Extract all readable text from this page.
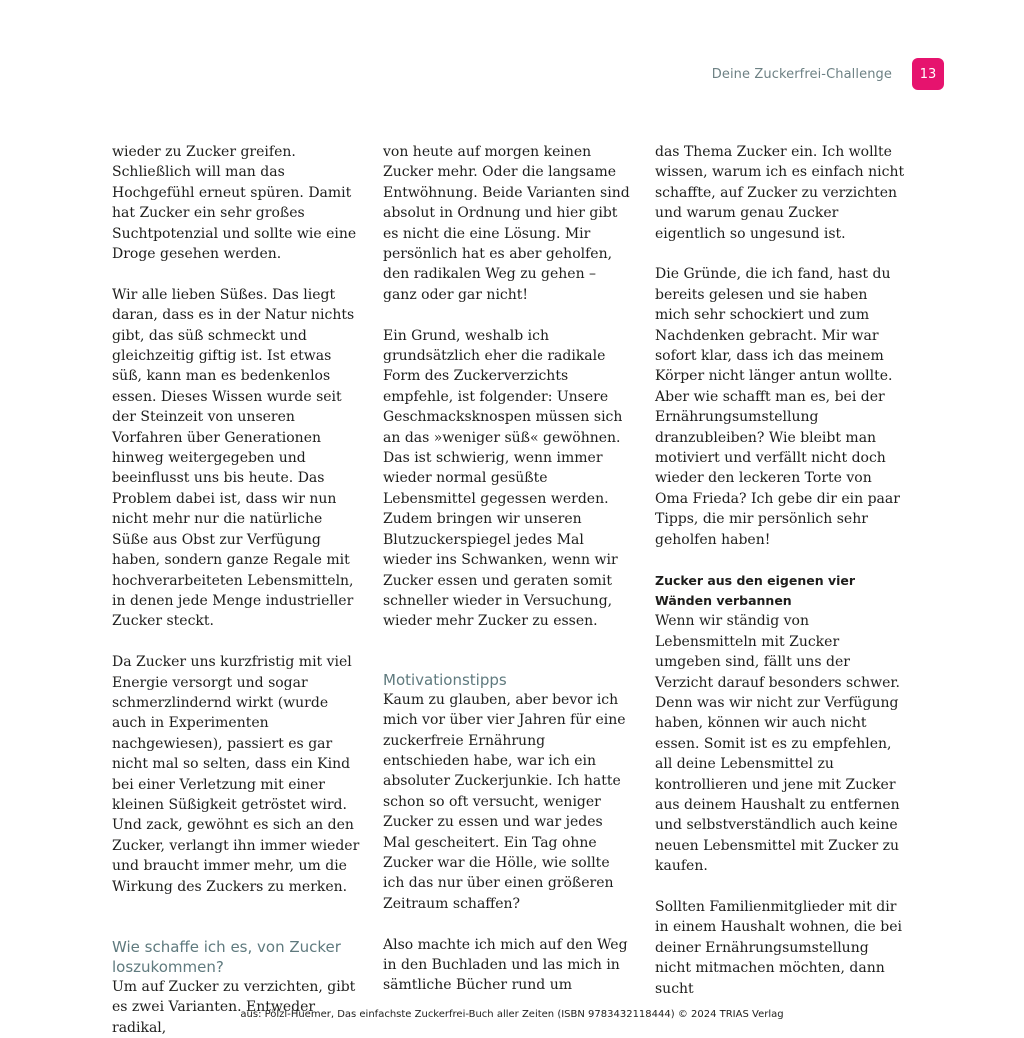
Deine Zuckerfrei-Challenge	13

wieder zu Zucker greifen. Schließlich will man das Hochgefühl erneut spüren. Damit hat Zucker ein sehr großes Suchtpotenzial und sollte wie eine Droge gesehen werden.

Wir alle lieben Süßes. Das liegt daran, dass es in der Natur nichts gibt, das süß schmeckt und gleichzeitig giftig ist. Ist etwas süß, kann man es bedenkenlos essen. Dieses Wissen wurde seit der Steinzeit von unseren Vorfahren über Generationen hinweg weitergegeben und beeinflusst uns bis heute. Das Problem dabei ist, dass wir nun nicht mehr nur die natürliche Süße aus Obst zur Verfügung haben, sondern ganze Regale mit hochverarbeiteten Lebensmitteln, in denen jede Menge industrieller Zucker steckt.

Da Zucker uns kurzfristig mit viel Energie versorgt und sogar schmerzlindernd wirkt (wurde auch in Experimenten nachgewiesen), passiert es gar nicht mal so selten, dass ein Kind bei einer Verletzung mit einer kleinen Süßigkeit getröstet wird. Und zack, gewöhnt es sich an den Zucker, verlangt ihn immer wieder und braucht immer mehr, um die Wirkung des Zuckers zu merken.

Wie schaffe ich es, von Zucker loszukommen?

Um auf Zucker zu verzichten, gibt es zwei Varianten. Entweder radikal,

von heute auf morgen keinen Zucker mehr. Oder die langsame Entwöhnung. Beide Varianten sind absolut in Ordnung und hier gibt es nicht die eine Lösung. Mir persönlich hat es aber geholfen, den radikalen Weg zu gehen – ganz oder gar nicht!

Ein Grund, weshalb ich grundsätzlich eher die radikale Form des Zuckerverzichts empfehle, ist folgender: Unsere Geschmacksknospen müssen sich an das »weniger süß« gewöhnen. Das ist schwierig, wenn immer wieder normal gesüßte Lebensmittel gegessen werden. Zudem bringen wir unseren Blutzuckerspiegel jedes Mal wieder ins Schwanken, wenn wir Zucker essen und geraten somit schneller wieder in Versuchung, wieder mehr Zucker zu essen.

Motivationstipps

Kaum zu glauben, aber bevor ich mich vor über vier Jahren für eine zuckerfreie Ernährung entschieden habe, war ich ein absoluter Zuckerjunkie. Ich hatte schon so oft versucht, weniger Zucker zu essen und war jedes Mal gescheitert. Ein Tag ohne Zucker war die Hölle, wie sollte ich das nur über einen größeren Zeitraum schaffen?

Also machte ich mich auf den Weg in den Buchladen und las mich in sämtliche Bücher rund um

das Thema Zucker ein. Ich wollte wissen, warum ich es einfach nicht schaffte, auf Zucker zu verzichten und warum genau Zucker eigentlich so ungesund ist.

Die Gründe, die ich fand, hast du bereits gelesen und sie haben mich sehr schockiert und zum Nachdenken gebracht. Mir war sofort klar, dass ich das meinem Körper nicht länger antun wollte. Aber wie schafft man es, bei der Ernährungsumstellung dranzubleiben? Wie bleibt man motiviert und verfällt nicht doch wieder den leckeren Torte von Oma Frieda? Ich gebe dir ein paar Tipps, die mir persönlich sehr geholfen haben!

Zucker aus den eigenen vier Wänden verbannen

Wenn wir ständig von Lebensmitteln mit Zucker umgeben sind, fällt uns der Verzicht darauf besonders schwer. Denn was wir nicht zur Verfügung haben, können wir auch nicht essen. Somit ist es zu empfehlen, all deine Lebensmittel zu kontrollieren und jene mit Zucker aus deinem Haushalt zu entfernen und selbstverständlich auch keine neuen Lebensmittel mit Zucker zu kaufen.

Sollten Familienmitglieder mit dir in einem Haushalt wohnen, die bei deiner Ernährungsumstellung nicht mitmachen möchten, dann sucht

aus: Pölzl-Huemer, Das einfachste Zuckerfrei-Buch aller Zeiten (ISBN 9783432118444) © 2024 TRIAS Verlag
